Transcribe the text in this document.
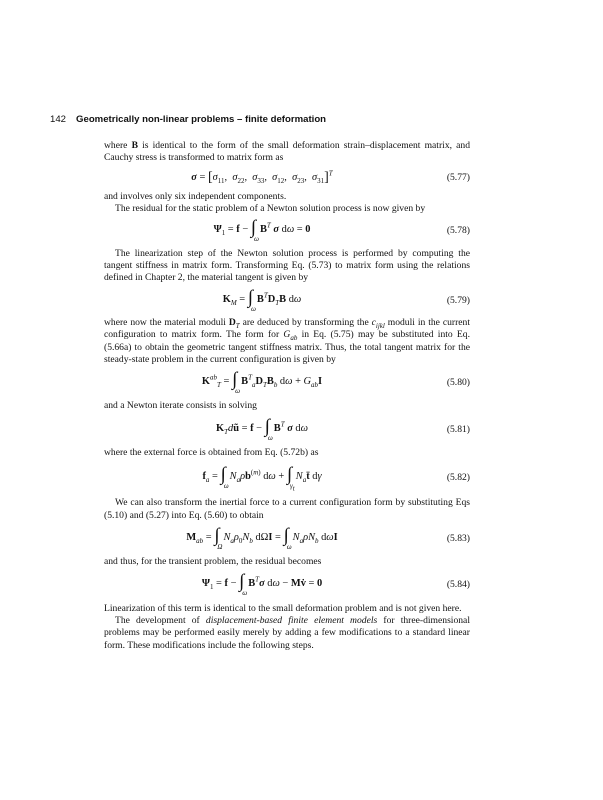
142 Geometrically non-linear problems – finite deformation

where B is identical to the form of the small deformation strain–displacement matrix, and Cauchy stress is transformed to matrix form as

$\sigma = [\sigma_{11}$,  $\sigma_{22}$,  $\sigma_{33}$,  $\sigma_{12}$,  $\sigma_{23}$,  $\sigma_{31}]^T$	(5.77)

and involves only six independent components.

The residual for the static problem of a Newton solution process is now given by

$\Psi_1 = f - \int_\omega B^T$ σ dω = 0	(5.78)

The linearization step of the Newton solution process is performed by computing the tangent stiffness in matrix form. Transforming Eq. (5.73) to matrix form using the relations defined in Chapter 2, the material tangent is given by

$K_M = \int_\omega B^TD_TB$ dω	(5.79)

where now the material moduli $D_T$ are deduced by transforming the $c_{ijkl}$ moduli in the current configuration to matrix form. The form for $G_{ab}$ in Eq. (5.75) may be substituted into Eq. (5.66a) to obtain the geometric tangent stiffness matrix. Thus, the total tangent matrix for the steady-state problem in the current configuration is given by

$K^{ab}_T = \int_\omega B^T_aD_TB_b$ $d\omega + G_{ab}I$	(5.80)

and a Newton iterate consists in solving

$K_Tdũ = f - \int_\omega B^T$ σ dω	(5.81)

where the external force is obtained from Eq. (5.72b) as

$f_a = \int_\omega N_a\rho b^{(m)}$ $d\omega + \int_{\gamma_t}N_at̄$ dγ	(5.82)

We can also transform the inertial force to a current configuration form by substituting Eqs (5.10) and (5.27) into Eq. (5.60) to obtain

$M_{ab} = \int_\Omega N_a\rho_0N_b$ $d\Omega I = \int_\omega N_a\rho N_b$ dωI	(5.83)

and thus, for the transient problem, the residual becomes

$\Psi_1 = f - \int_\omega B^T\sigma$ dω − Mv̇ = 0	(5.84)

Linearization of this term is identical to the small deformation problem and is not given here.

The development of displacement-based finite element models for three-dimensional problems may be performed easily merely by adding a few modifications to a standard linear form. These modifications include the following steps.
